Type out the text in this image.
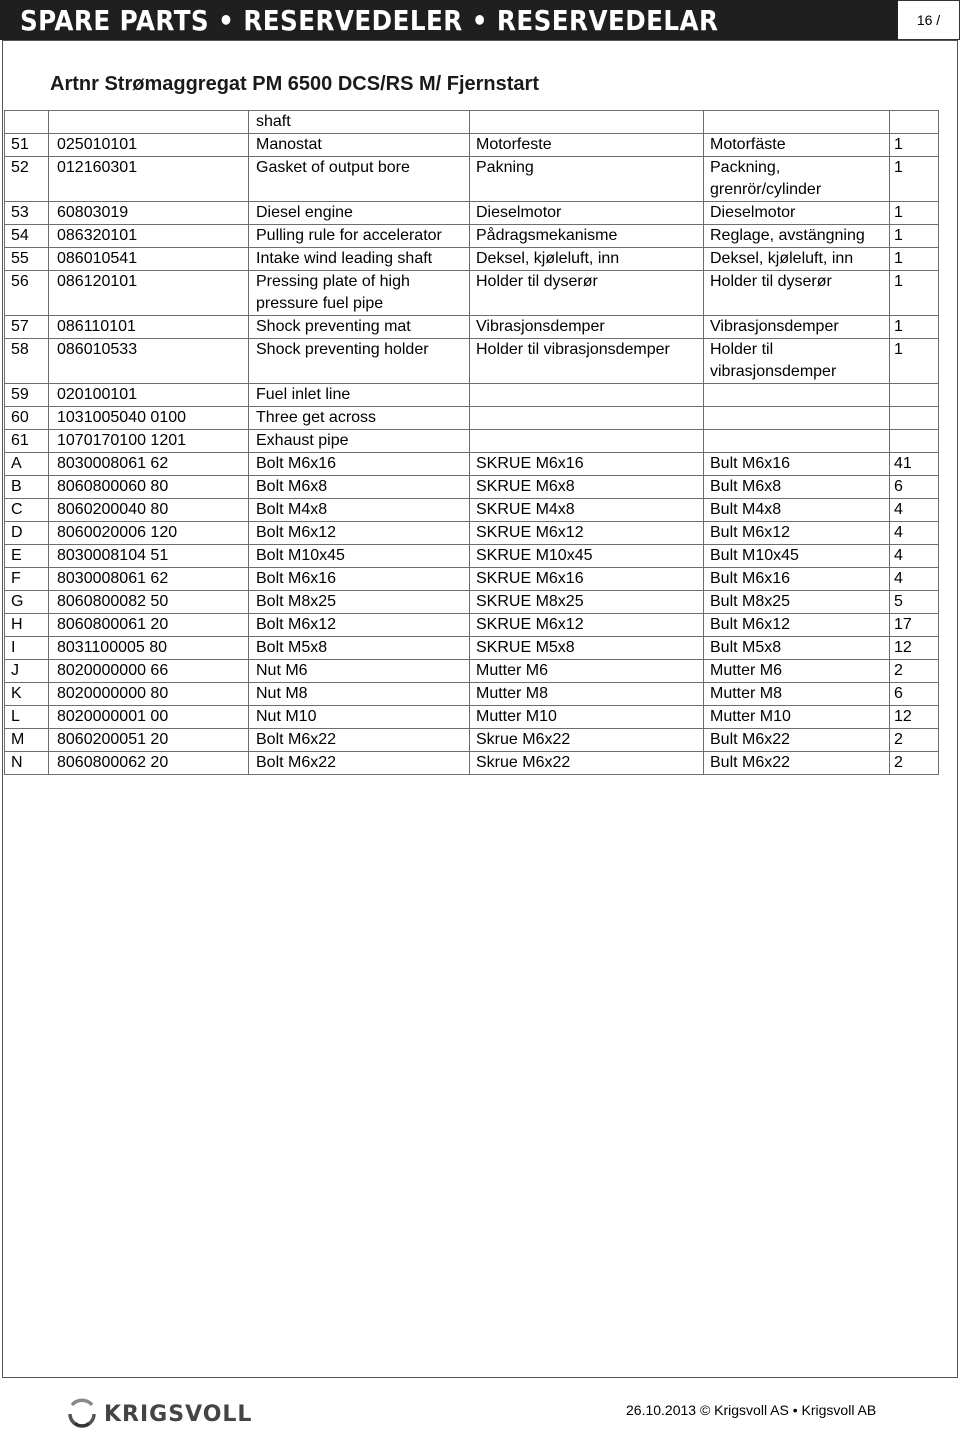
SPARE PARTS • RESERVEDELER • RESERVEDELAR	16 /
Artnr Strømaggregat PM 6500 DCS/RS M/ Fjernstart
		shaft			
51	025010101	Manostat	Motorfeste	Motorfäste	1
52	012160301	Gasket of output bore	Pakning	Packning, grenrör/cylinder	1
53	60803019	Diesel engine	Dieselmotor	Dieselmotor	1
54	086320101	Pulling rule for accelerator	Pådragsmekanisme	Reglage, avstängning	1
55	086010541	Intake wind leading shaft	Deksel, kjøleluft, inn	Deksel, kjøleluft, inn	1
56	086120101	Pressing plate of high pressure fuel pipe	Holder til dyserør	Holder til dyserør	1
57	086110101	Shock preventing mat	Vibrasjonsdemper	Vibrasjonsdemper	1
58	086010533	Shock preventing holder	Holder til vibrasjonsdemper	Holder til vibrasjonsdemper	1
59	020100101	Fuel inlet line			
60	1031005040 0100	Three get across			
61	1070170100 1201	Exhaust pipe			
A	8030008061 62	Bolt M6x16	SKRUE M6x16	Bult M6x16	41
B	8060800060 80	Bolt M6x8	SKRUE M6x8	Bult M6x8	6
C	8060200040 80	Bolt M4x8	SKRUE M4x8	Bult M4x8	4
D	8060020006 120	Bolt M6x12	SKRUE M6x12	Bult M6x12	4
E	8030008104 51	Bolt M10x45	SKRUE M10x45	Bult M10x45	4
F	8030008061 62	Bolt M6x16	SKRUE M6x16	Bult M6x16	4
G	8060800082 50	Bolt M8x25	SKRUE M8x25	Bult M8x25	5
H	8060800061 20	Bolt M6x12	SKRUE M6x12	Bult M6x12	17
I	8031100005 80	Bolt M5x8	SKRUE M5x8	Bult M5x8	12
J	8020000000 66	Nut M6	Mutter M6	Mutter M6	2
K	8020000000 80	Nut M8	Mutter M8	Mutter M8	6
L	8020000001 00	Nut M10	Mutter M10	Mutter M10	12
M	8060200051 20	Bolt M6x22	Skrue M6x22	Bult M6x22	2
N	8060800062 20	Bolt M6x22	Skrue M6x22	Bult M6x22	2
KRIGSVOLL	26.10.2013 © Krigsvoll AS • Krigsvoll AB
